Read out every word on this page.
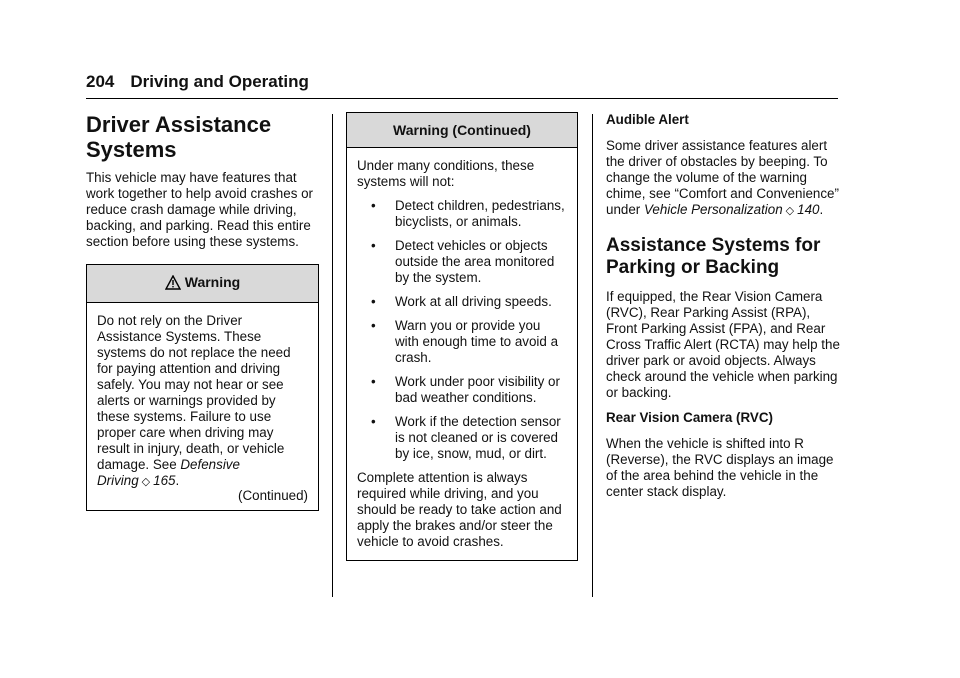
204 Driving and Operating
Driver Assistance Systems

This vehicle may have features that work together to help avoid crashes or reduce crash damage while driving, backing, and parking. Read this entire section before using these systems.

Warning

Do not rely on the Driver Assistance Systems. These systems do not replace the need for paying attention and driving safely. You may not hear or see alerts or warnings provided by these systems. Failure to use proper care when driving may result in injury, death, or vehicle damage. See Defensive Driving ◇ 165.

(Continued)
Warning (Continued)

Under many conditions, these systems will not:

• Detect children, pedestrians, bicyclists, or animals.
• Detect vehicles or objects outside the area monitored by the system.
• Work at all driving speeds.
• Warn you or provide you with enough time to avoid a crash.
• Work under poor visibility or bad weather conditions.
• Work if the detection sensor is not cleaned or is covered by ice, snow, mud, or dirt.

Complete attention is always required while driving, and you should be ready to take action and apply the brakes and/or steer the vehicle to avoid crashes.

Audible Alert

Some driver assistance features alert the driver of obstacles by beeping. To change the volume of the warning chime, see “Comfort and Convenience” under Vehicle Personalization ◇ 140.

Assistance Systems for Parking or Backing

If equipped, the Rear Vision Camera (RVC), Rear Parking Assist (RPA), Front Parking Assist (FPA), and Rear Cross Traffic Alert (RCTA) may help the driver park or avoid objects. Always check around the vehicle when parking or backing.

Rear Vision Camera (RVC)

When the vehicle is shifted into R (Reverse), the RVC displays an image of the area behind the vehicle in the center stack display.
